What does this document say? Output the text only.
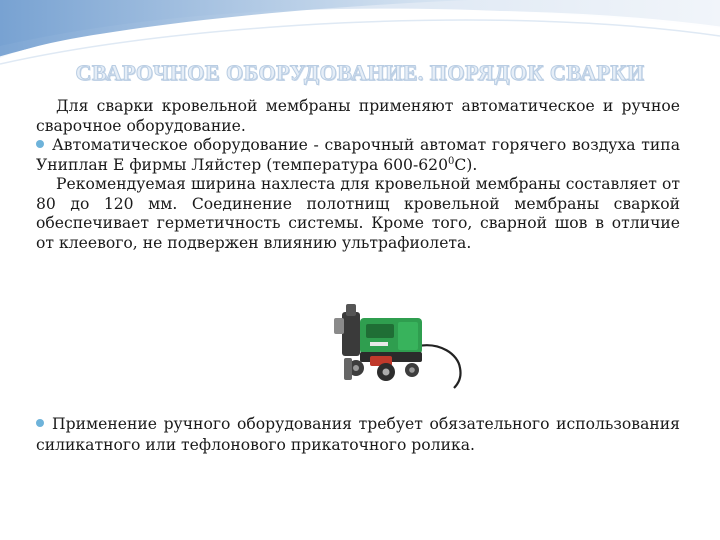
СВАРОЧНОЕ ОБОРУДОВАНИЕ. ПОРЯДОК СВАРКИ

Для сварки кровельной мембраны применяют автоматическое и ручное сварочное оборудование.

Автоматическое оборудование - сварочный автомат горячего воздуха типа Униплан Е фирмы Ляйстер (температура $600-620^0С$).

Рекомендуемая ширина нахлеста для кровельной мембраны составляет от 80 до 120 мм. Соединение полотнищ кровельной мембраны сваркой обеспечивает герметичность системы. Кроме того, сварной шов в отличие от клеевого, не подвержен влиянию ультрафиолета.

Применение ручного оборудования требует обязательного использования силикатного или тефлонового прикаточного ролика.
